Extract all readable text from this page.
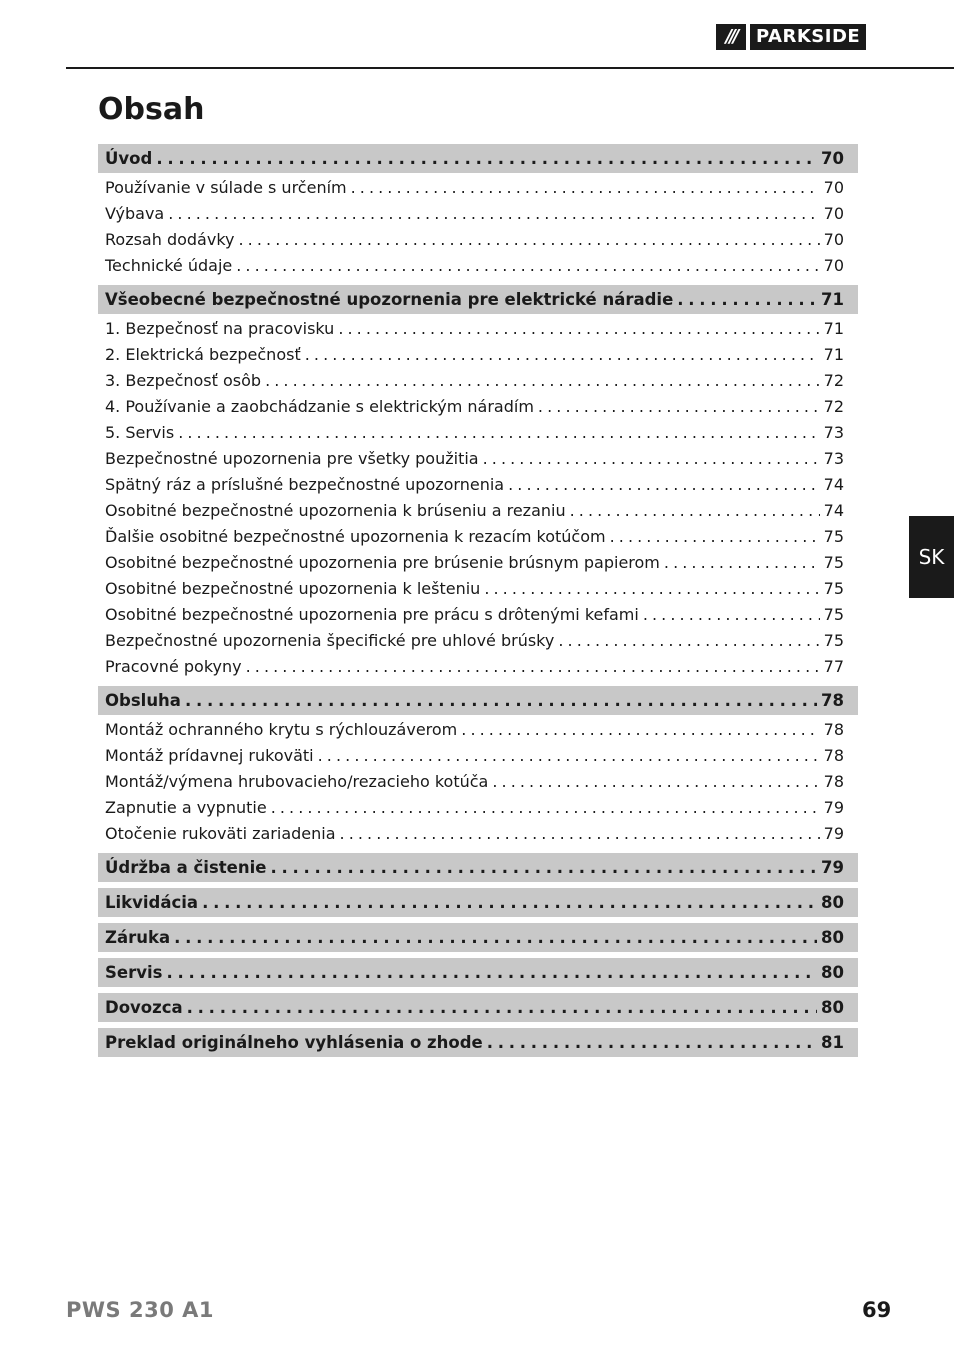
///	PARKSIDE
Obsah
Úvod . . .	70
Používanie v súlade s určením . . .	70
Výbava . . .	70
Rozsah dodávky . . .	70
Technické údaje . . .	70
Všeobecné bezpečnostné upozornenia pre elektrické náradie . . .	71
1. Bezpečnosť na pracovisku . . .	71
2. Elektrická bezpečnosť . . .	71
3. Bezpečnosť osôb . . .	72
4. Používanie a zaobchádzanie s elektrickým náradím . . .	72
5. Servis . . .	73
Bezpečnostné upozornenia pre všetky použitia . . .	73
Spätný ráz a príslušné bezpečnostné upozornenia . . .	74
Osobitné bezpečnostné upozornenia k brúseniu a rezaniu . . .	74
Ďalšie osobitné bezpečnostné upozornenia k rezacím kotúčom . . .	75
Osobitné bezpečnostné upozornenia pre brúsenie brúsnym papierom . . .	75
Osobitné bezpečnostné upozornenia k lešteniu . . .	75
Osobitné bezpečnostné upozornenia pre prácu s drôtenými kefami . . .	75
Bezpečnostné upozornenia špecifické pre uhlové brúsky . . .	75
Pracovné pokyny . . .	77
Obsluha . . .	78
Montáž ochranného krytu s rýchlouzáverom . . .	78
Montáž prídavnej rukoväti . . .	78
Montáž/výmena hrubovacieho/rezacieho kotúča . . .	78
Zapnutie a vypnutie . . .	79
Otočenie rukoväti zariadenia . . .	79
Údržba a čistenie . . .	79
Likvidácia . . .	80
Záruka . . .	80
Servis . . .	80
Dovozca . . .	80
Preklad originálneho vyhlásenia o zhode . . .	81
SK
PWS 230 A1	69
